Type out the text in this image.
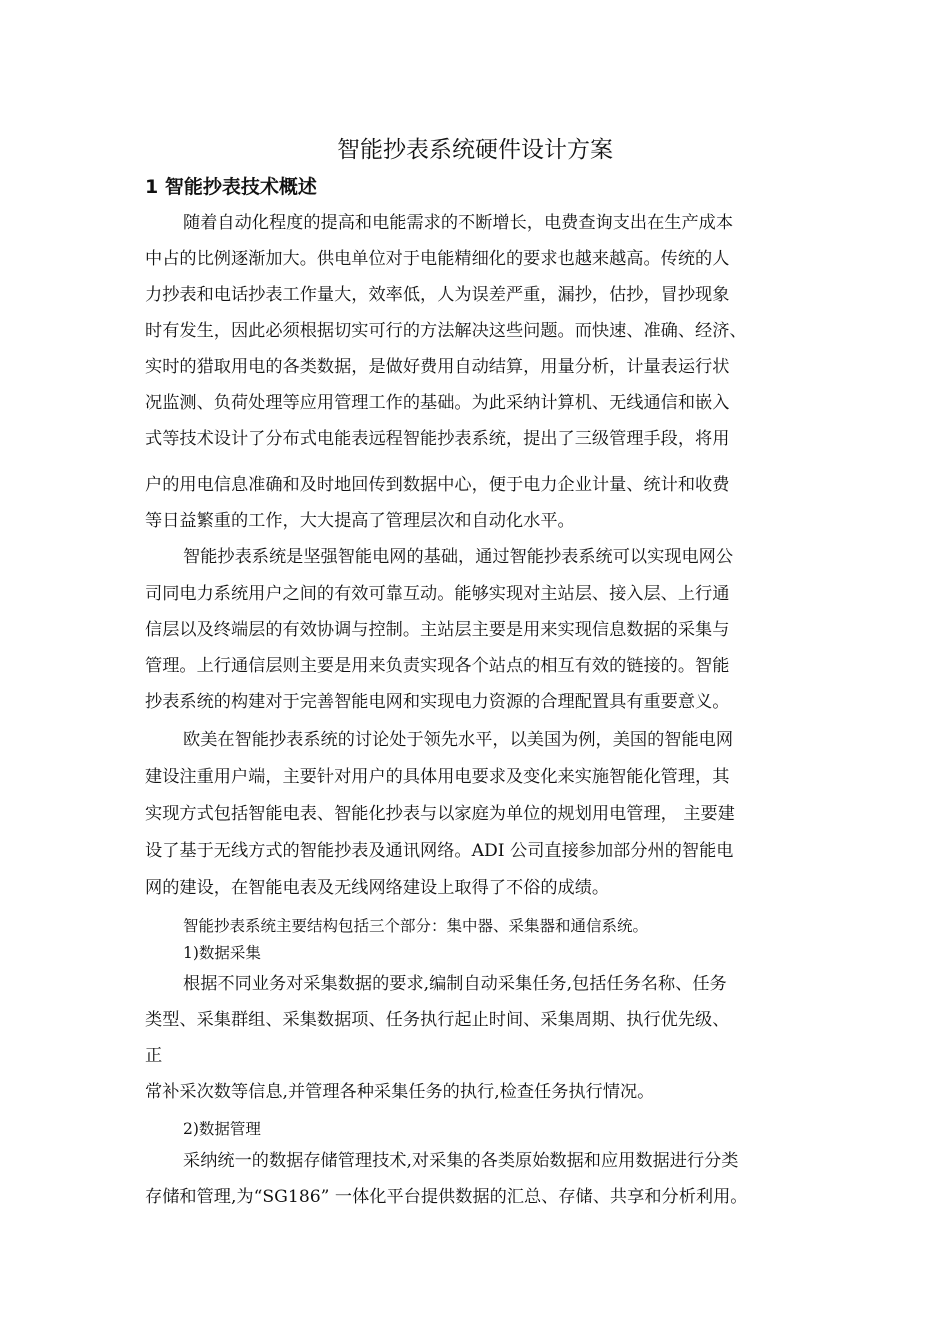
智能抄表系统硬件设计方案
1 智能抄表技术概述

随着自动化程度的提高和电能需求的不断增长，电费查询支出在生产成本

中占的比例逐渐加大。供电单位对于电能精细化的要求也越来越高。传统的人

力抄表和电话抄表工作量大，效率低，人为误差严重，漏抄，估抄，冒抄现象

时有发生，因此必须根据切实可行的方法解决这些问题。而快速、准确、经济、

实时的猎取用电的各类数据，是做好费用自动结算，用量分析，计量表运行状

况监测、负荷处理等应用管理工作的基础。为此采纳计算机、无线通信和嵌入

式等技术设计了分布式电能表远程智能抄表系统，提出了三级管理手段，将用

户的用电信息准确和及时地回传到数据中心，便于电力企业计量、统计和收费

等日益繁重的工作，大大提高了管理层次和自动化水平。

智能抄表系统是坚强智能电网的基础，通过智能抄表系统可以实现电网公

司同电力系统用户之间的有效可靠互动。能够实现对主站层、接入层、上行通

信层以及终端层的有效协调与控制。主站层主要是用来实现信息数据的采集与

管理。上行通信层则主要是用来负责实现各个站点的相互有效的链接的。智能

抄表系统的构建对于完善智能电网和实现电力资源的合理配置具有重要意义。

欧美在智能抄表系统的讨论处于领先水平，以美国为例，美国的智能电网

建设注重用户端，主要针对用户的具体用电要求及变化来实施智能化管理，其

实现方式包括智能电表、智能化抄表与以家庭为单位的规划用电管理， 主要建

设了基于无线方式的智能抄表及通讯网络。ADI 公司直接参加部分州的智能电

网的建设，在智能电表及无线网络建设上取得了不俗的成绩。

智能抄表系统主要结构包括三个部分：集中器、采集器和通信系统。

1)数据采集

根据不同业务对采集数据的要求,编制自动采集任务,包括任务名称、任务

类型、采集群组、采集数据项、任务执行起止时间、采集周期、执行优先级、

正

常补采次数等信息,并管理各种采集任务的执行,检查任务执行情况。

2)数据管理

采纳统一的数据存储管理技术,对采集的各类原始数据和应用数据进行分类

存储和管理,为“SG186” 一体化平台提供数据的汇总、存储、共享和分析利用。
